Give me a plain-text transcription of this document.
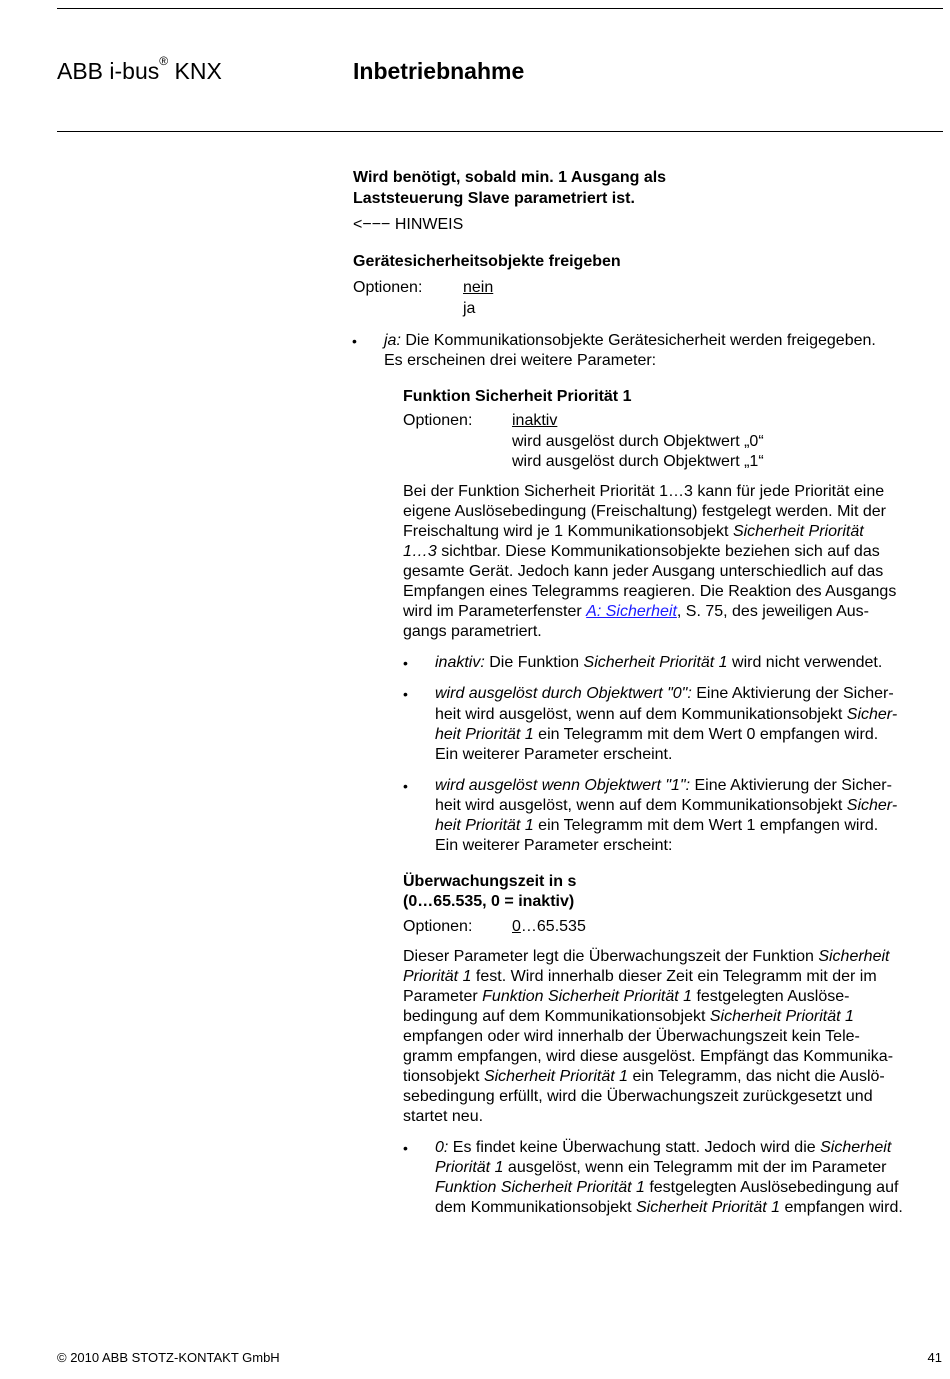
ABB i-bus® KNX	Inbetriebnahme
Wird benötigt, sobald min. 1 Ausgang als
Laststeuerung Slave parametriert ist.
<−−− HINWEIS
Gerätesicherheitsobjekte freigeben
Optionen:	nein
ja
• ja: Die Kommunikationsobjekte Gerätesicherheit werden freigegeben.
Es erscheinen drei weitere Parameter:
Funktion Sicherheit Priorität 1
Optionen: inaktiv
wird ausgelöst durch Objektwert „0“
wird ausgelöst durch Objektwert „1“
Bei der Funktion Sicherheit Priorität 1…3 kann für jede Priorität eine
eigene Auslösebedingung (Freischaltung) festgelegt werden. Mit der
Freischaltung wird je 1 Kommunikationsobjekt Sicherheit Priorität
1…3 sichtbar. Diese Kommunikationsobjekte beziehen sich auf das
gesamte Gerät. Jedoch kann jeder Ausgang unterschiedlich auf das
Empfangen eines Telegramms reagieren. Die Reaktion des Ausgangs
wird im Parameterfenster A: Sicherheit, S. 75, des jeweiligen Aus-
gangs parametriert.
• inaktiv: Die Funktion Sicherheit Priorität 1 wird nicht verwendet.
• wird ausgelöst durch Objektwert "0": Eine Aktivierung der Sicher-
heit wird ausgelöst, wenn auf dem Kommunikationsobjekt Sicher-
heit Priorität 1 ein Telegramm mit dem Wert 0 empfangen wird.
Ein weiterer Parameter erscheint.
• wird ausgelöst wenn Objektwert "1": Eine Aktivierung der Sicher-
heit wird ausgelöst, wenn auf dem Kommunikationsobjekt Sicher-
heit Priorität 1 ein Telegramm mit dem Wert 1 empfangen wird.
Ein weiterer Parameter erscheint:
Überwachungszeit in s
(0…65.535, 0 = inaktiv)
Optionen: 0…65.535
Dieser Parameter legt die Überwachungszeit der Funktion Sicherheit
Priorität 1 fest. Wird innerhalb dieser Zeit ein Telegramm mit der im
Parameter Funktion Sicherheit Priorität 1 festgelegten Auslöse-
bedingung auf dem Kommunikationsobjekt Sicherheit Priorität 1
empfangen oder wird innerhalb der Überwachungszeit kein Tele-
gramm empfangen, wird diese ausgelöst. Empfängt das Kommunika-
tionsobjekt Sicherheit Priorität 1 ein Telegramm, das nicht die Auslö-
sebedingung erfüllt, wird die Überwachungszeit zurückgesetzt und
startet neu.
• 0: Es findet keine Überwachung statt. Jedoch wird die Sicherheit
Priorität 1 ausgelöst, wenn ein Telegramm mit der im Parameter
Funktion Sicherheit Priorität 1 festgelegten Auslösebedingung auf
dem Kommunikationsobjekt Sicherheit Priorität 1 empfangen wird.
© 2010 ABB STOTZ-KONTAKT GmbH	41
